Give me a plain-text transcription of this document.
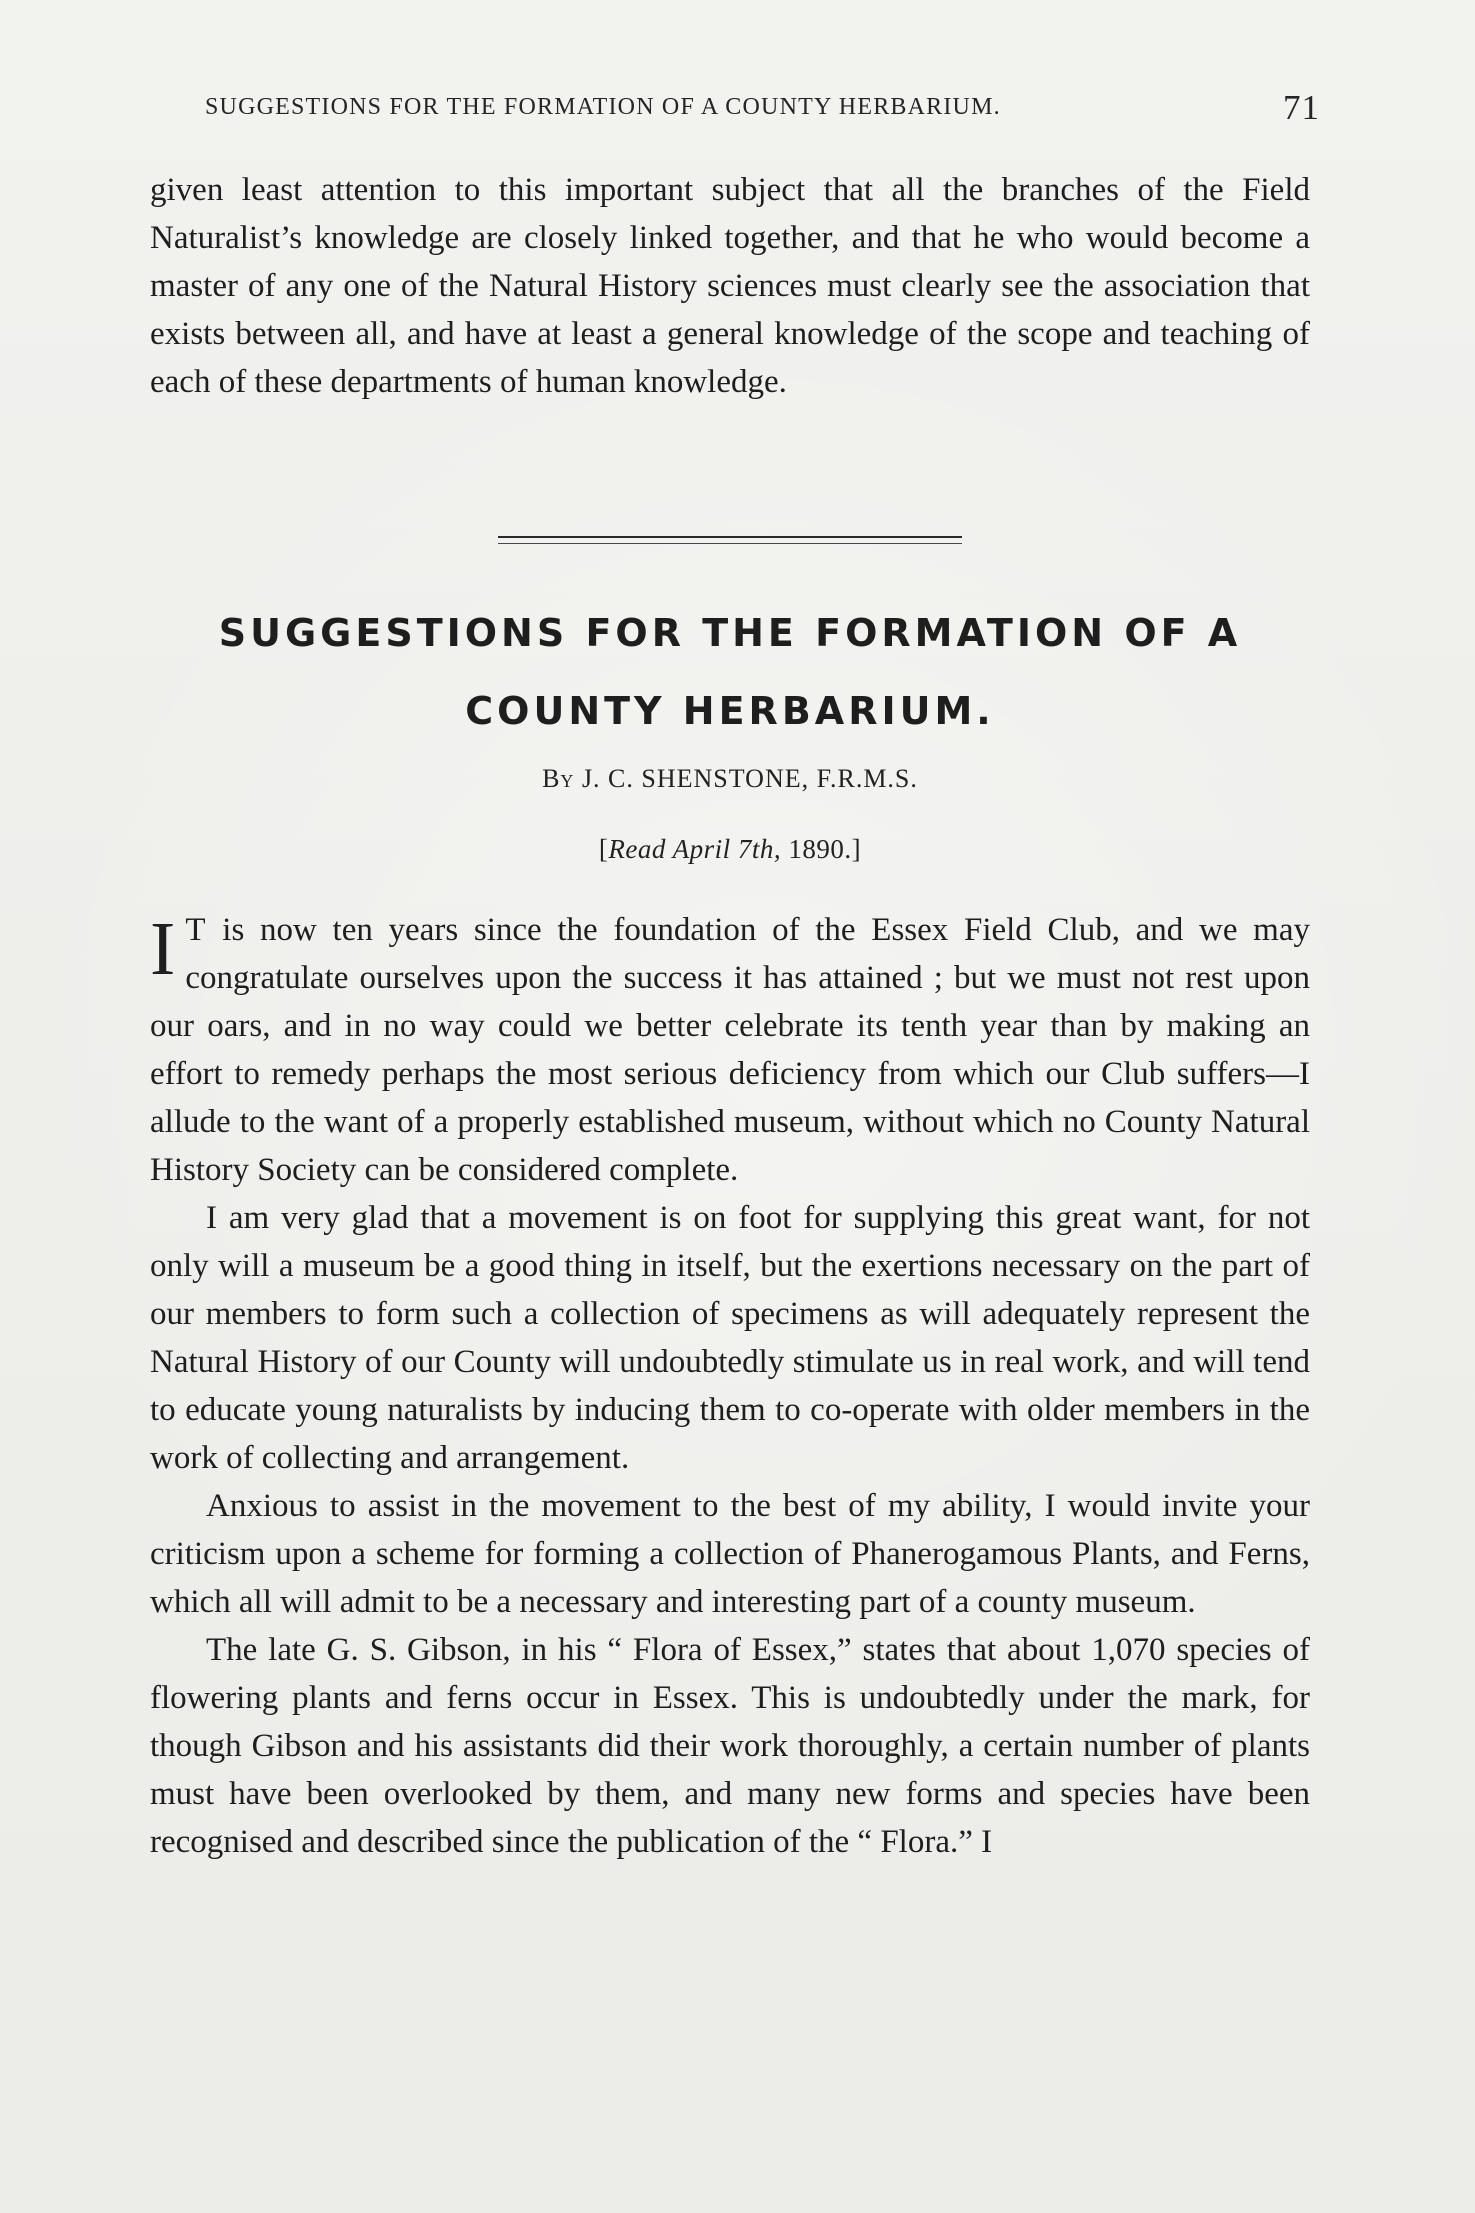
SUGGESTIONS FOR THE FORMATION OF A COUNTY HERBARIUM.	71

given least attention to this important subject that all the branches of the Field Naturalist’s knowledge are closely linked together, and that he who would become a master of any one of the Natural History sciences must clearly see the association that exists between all, and have at least a general knowledge of the scope and teaching of each of these departments of human knowledge.

SUGGESTIONS FOR THE FORMATION OF A
COUNTY HERBARIUM.
By J. C. SHENSTONE, F.R.M.S.
[Read April 7th, 1890.]

I T is now ten years since the foundation of the Essex Field Club, and we may congratulate ourselves upon the success it has attained ; but we must not rest upon our oars, and in no way could we better celebrate its tenth year than by making an effort to remedy perhaps the most serious deficiency from which our Club suffers—I allude to the want of a properly established museum, without which no County Natural History Society can be considered complete.

I am very glad that a movement is on foot for supplying this great want, for not only will a museum be a good thing in itself, but the exertions necessary on the part of our members to form such a collection of specimens as will adequately represent the Natural History of our County will undoubtedly stimulate us in real work, and will tend to educate young naturalists by inducing them to co-operate with older members in the work of collecting and arrangement.

Anxious to assist in the movement to the best of my ability, I would invite your criticism upon a scheme for forming a collection of Phanerogamous Plants, and Ferns, which all will admit to be a necessary and interesting part of a county museum.

The late G. S. Gibson, in his “ Flora of Essex,” states that about 1,070 species of flowering plants and ferns occur in Essex. This is undoubtedly under the mark, for though Gibson and his assistants did their work thoroughly, a certain number of plants must have been overlooked by them, and many new forms and species have been recognised and described since the publication of the “ Flora.” I
